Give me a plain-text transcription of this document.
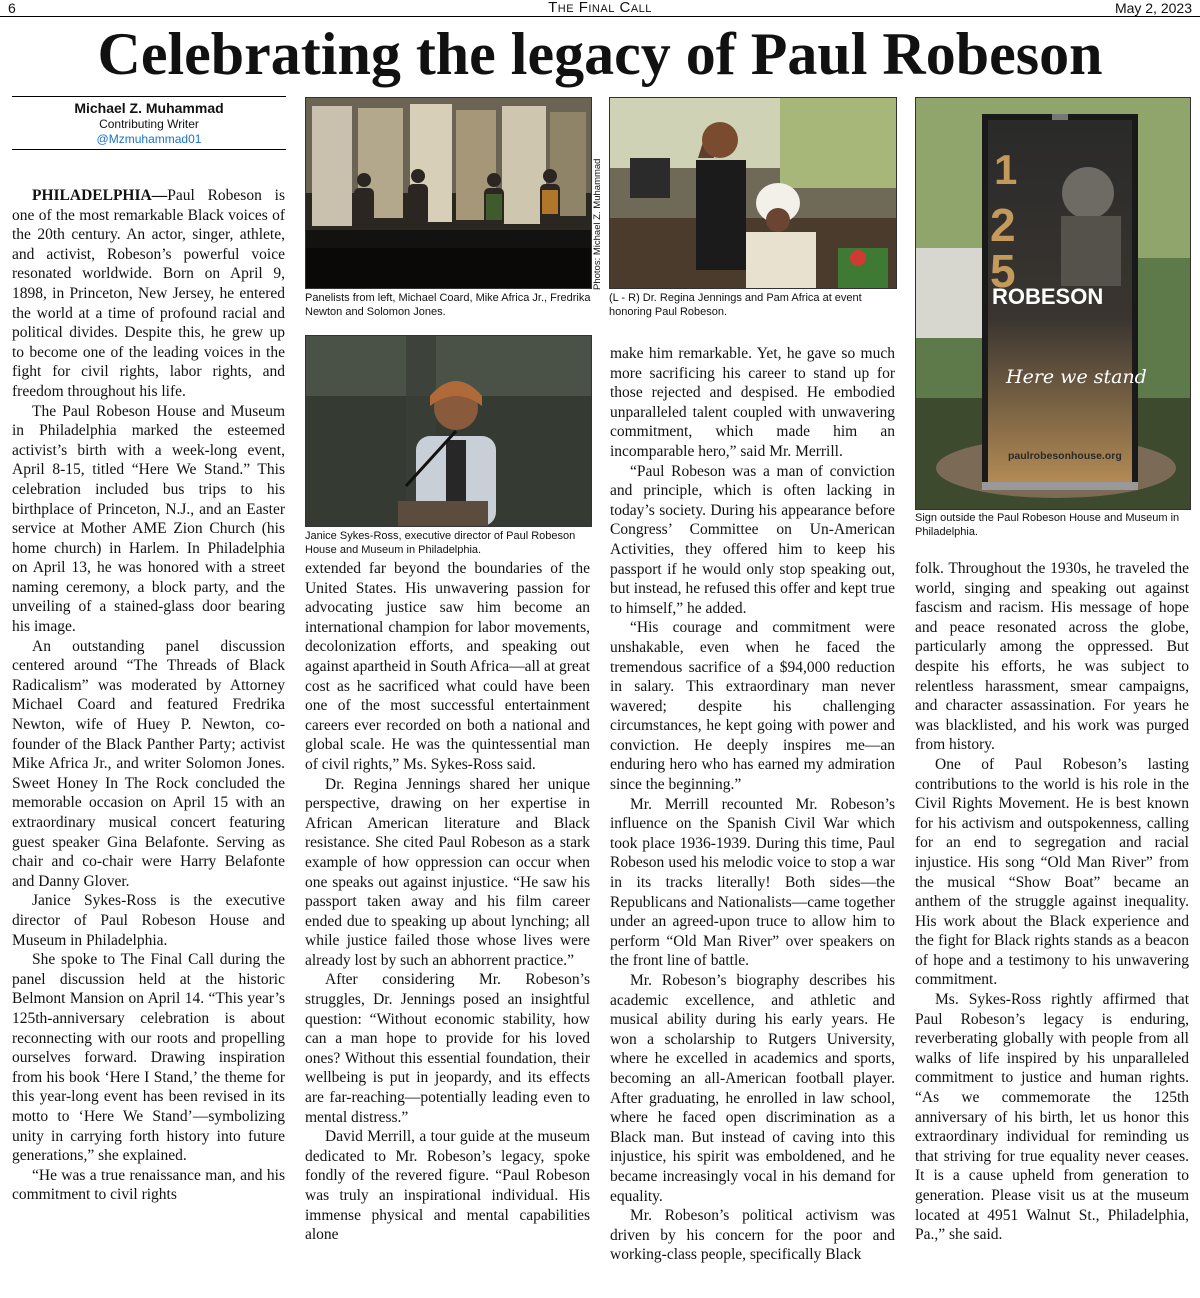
6	The Final Call	May 2, 2023
Celebrating the legacy of Paul Robeson
Michael Z. Muhammad
Contributing Writer
@Mzmuhammad01

PHILADELPHIA—Paul Robeson is one of the most remarkable Black voices of the 20th century. An actor, singer, athlete, and activist, Robeson’s powerful voice resonated worldwide. Born on April 9, 1898, in Princeton, New Jersey, he entered the world at a time of profound racial and political divides. Despite this, he grew up to become one of the leading voices in the fight for civil rights, labor rights, and freedom throughout his life.

The Paul Robeson House and Museum in Philadelphia marked the esteemed activist’s birth with a week-long event, April 8-15, titled “Here We Stand.” This celebration included bus trips to his birthplace of Princeton, N.J., and an Easter service at Mother AME Zion Church (his home church) in Harlem. In Philadelphia on April 13, he was honored with a street naming ceremony, a block party, and the unveiling of a stained-glass door bearing his image.

An outstanding panel discussion centered around “The Threads of Black Radicalism” was moderated by Attorney Michael Coard and featured Fredrika Newton, wife of Huey P. Newton, co-founder of the Black Panther Party; activist Mike Africa Jr., and writer Solomon Jones. Sweet Honey In The Rock concluded the memorable occasion on April 15 with an extraordinary musical concert featuring guest speaker Gina Belafonte. Serving as chair and co-chair were Harry Belafonte and Danny Glover.

Janice Sykes-Ross is the executive director of Paul Robeson House and Museum in Philadelphia.

She spoke to The Final Call during the panel discussion held at the historic Belmont Mansion on April 14. “This year’s 125th-anniversary celebration is about reconnecting with our roots and propelling ourselves forward. Drawing inspiration from his book ‘Here I Stand,’ the theme for this year-long event has been revised in its motto to ‘Here We Stand’—symbolizing unity in carrying forth history into future generations,” she explained.

“He was a true renaissance man, and his commitment to civil rights

Photos: Michael Z. Muhammad
Panelists from left, Michael Coard, Mike Africa Jr., Fredrika Newton and Solomon Jones.
(L - R) Dr. Regina Jennings and Pam Africa at event honoring Paul Robeson.
Janice Sykes-Ross, executive director of Paul Robeson House and Museum in Philadelphia.
1
25
ROBESON
Here we stand
paulrobesonhouse.org
Sign outside the Paul Robeson House and Museum in Philadelphia.

extended far beyond the boundaries of the United States. His unwavering passion for advocating justice saw him become an international champion for labor movements, decolonization efforts, and speaking out against apartheid in South Africa—all at great cost as he sacrificed what could have been one of the most successful entertainment careers ever recorded on both a national and global scale. He was the quintessential man of civil rights,” Ms. Sykes-Ross said.

Dr. Regina Jennings shared her unique perspective, drawing on her expertise in African American literature and Black resistance. She cited Paul Robeson as a stark example of how oppression can occur when one speaks out against injustice. “He saw his passport taken away and his film career ended due to speaking up about lynching; all while justice failed those whose lives were already lost by such an abhorrent practice.”

After considering Mr. Robeson’s struggles, Dr. Jennings posed an insightful question: “Without economic stability, how can a man hope to provide for his loved ones? Without this essential foundation, their wellbeing is put in jeopardy, and its effects are far-reaching—potentially leading even to mental distress.”

David Merrill, a tour guide at the museum dedicated to Mr. Robeson’s legacy, spoke fondly of the revered figure. “Paul Robeson was truly an inspirational individual. His immense physical and mental capabilities alone

make him remarkable. Yet, he gave so much more sacrificing his career to stand up for those rejected and despised. He embodied unparalleled talent coupled with unwavering commitment, which made him an incomparable hero,” said Mr. Merrill.

“Paul Robeson was a man of conviction and principle, which is often lacking in today’s society. During his appearance before Congress’ Committee on Un-American Activities, they offered him to keep his passport if he would only stop speaking out, but instead, he refused this offer and kept true to himself,” he added.

“His courage and commitment were unshakable, even when he faced the tremendous sacrifice of a $94,000 reduction in salary. This extraordinary man never wavered; despite his challenging circumstances, he kept going with power and conviction. He deeply inspires me—an enduring hero who has earned my admiration since the beginning.”

Mr. Merrill recounted Mr. Robeson’s influence on the Spanish Civil War which took place 1936-1939. During this time, Paul Robeson used his melodic voice to stop a war in its tracks literally! Both sides—the Republicans and Nationalists—came together under an agreed-upon truce to allow him to perform “Old Man River” over speakers on the front line of battle.

Mr. Robeson’s biography describes his academic excellence, and athletic and musical ability during his early years. He won a scholarship to Rutgers University, where he excelled in academics and sports, becoming an all-American football player. After graduating, he enrolled in law school, where he faced open discrimination as a Black man. But instead of caving into this injustice, his spirit was emboldened, and he became increasingly vocal in his demand for equality.

Mr. Robeson’s political activism was driven by his concern for the poor and working-class people, specifically Black

folk. Throughout the 1930s, he traveled the world, singing and speaking out against fascism and racism. His message of hope and peace resonated across the globe, particularly among the oppressed. But despite his efforts, he was subject to relentless harassment, smear campaigns, and character assassination. For years he was blacklisted, and his work was purged from history.

One of Paul Robeson’s lasting contributions to the world is his role in the Civil Rights Movement. He is best known for his activism and outspokenness, calling for an end to segregation and racial injustice. His song “Old Man River” from the musical “Show Boat” became an anthem of the struggle against inequality. His work about the Black experience and the fight for Black rights stands as a beacon of hope and a testimony to his unwavering commitment.

Ms. Sykes-Ross rightly affirmed that Paul Robeson’s legacy is enduring, reverberating globally with people from all walks of life inspired by his unparalleled commitment to justice and human rights. “As we commemorate the 125th anniversary of his birth, let us honor this extraordinary individual for reminding us that striving for true equality never ceases. It is a cause upheld from generation to generation. Please visit us at the museum located at 4951 Walnut St., Philadelphia, Pa.,” she said.
